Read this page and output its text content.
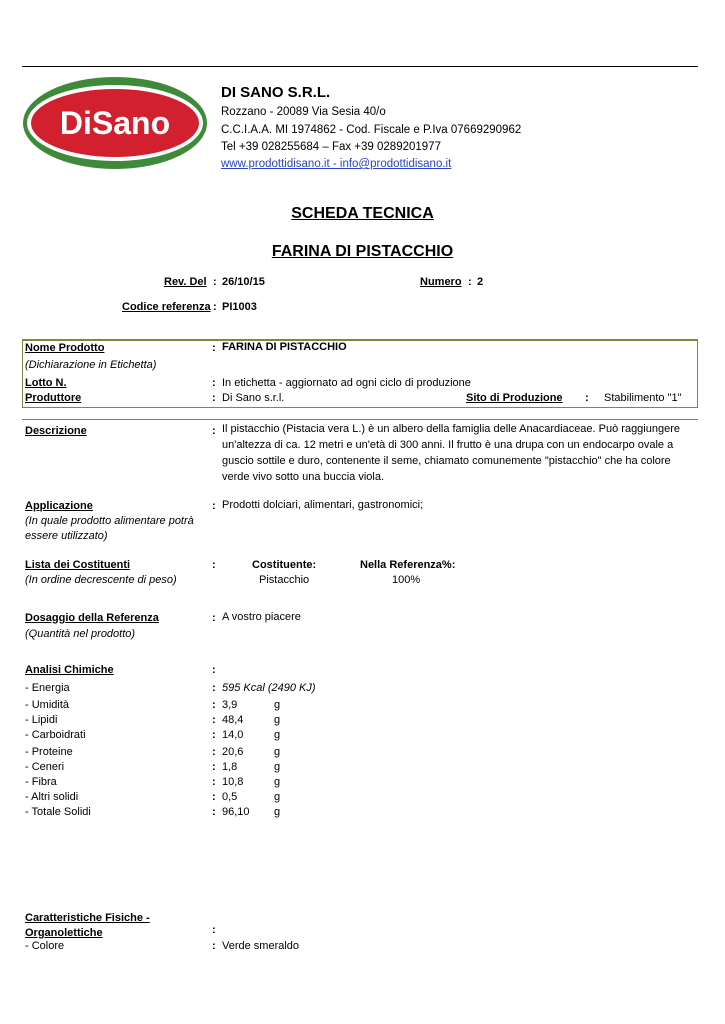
DiSano
DI SANO S.R.L.
Rozzano - 20089 Via Sesia 40/o
C.C.I.A.A. MI 1974862 - Cod. Fiscale e P.Iva 07669290962
Tel +39 028255684 – Fax +39 0289201977
www.prodottidisano.it - info@prodottidisano.it
SCHEDA TECNICA
FARINA DI PISTACCHIO
Rev. Del : 26/10/15	Numero : 2
Codice referenza : PI1003
Nome Prodotto	: FARINA DI PISTACCHIO
(Dichiarazione in Etichetta)
Lotto N.	: In etichetta - aggiornato ad ogni ciclo di produzione
Produttore	: Di Sano s.r.l.	Sito di Produzione : Stabilimento "1"
Descrizione	: Il pistacchio (Pistacia vera L.) è un albero della famiglia delle Anacardiaceae. Può raggiungere
un'altezza di ca. 12 metri e un'età di 300 anni. Il frutto è una drupa con un endocarpo ovale a
guscio sottile e duro, contenente il seme, chiamato comunemente "pistacchio" che ha colore
verde vivo sotto una buccia viola.
Applicazione	: Prodotti dolciari, alimentari, gastronomici;
(In quale prodotto alimentare potrà
essere utilizzato)
Lista dei Costituenti	:	Costituente:	Nella Referenza%:
(In ordine decrescente di peso)	Pistacchio	100%
Dosaggio della Referenza	: A vostro piacere
(Quantità nel prodotto)
Analisi Chimiche	:
- Energia	: 595 Kcal (2490 KJ)
- Umidità	: 3,9	g
- Lipidi	: 48,4	g
- Carboidrati	: 14,0	g
- Proteine	: 20,6	g
- Ceneri	: 1,8	g
- Fibra	: 10,8	g
- Altri solidi	: 0,5	g
- Totale Solidi	: 96,10 g
Caratteristiche Fisiche -
Organolettiche	:
- Colore	: Verde smeraldo
